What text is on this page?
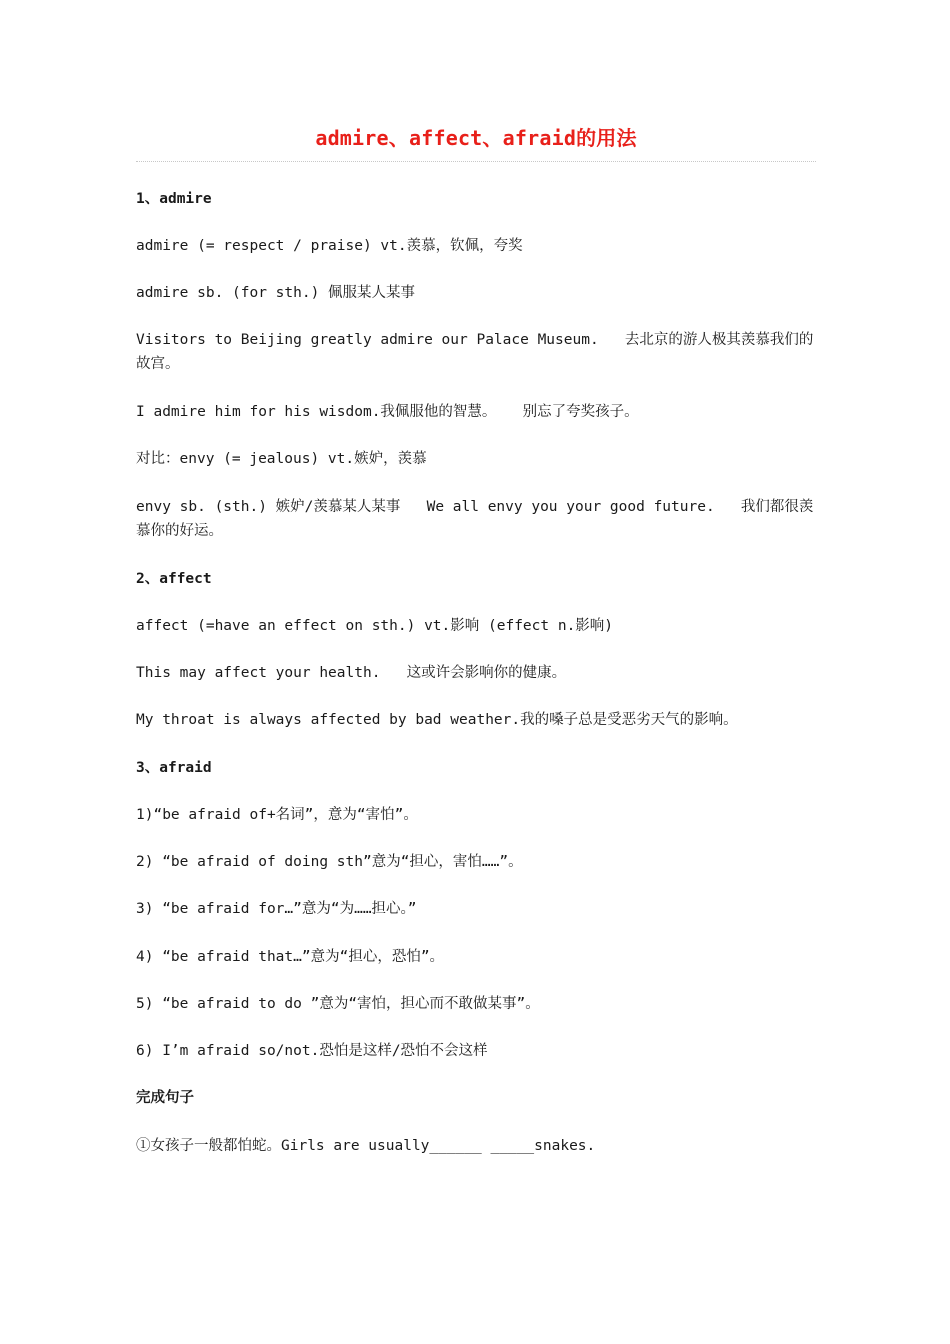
admire、affect、afraid的用法
1、admire
admire (= respect / praise) vt.羡慕，钦佩，夸奖
admire sb. (for sth.) 佩服某人某事
Visitors to Beijing greatly admire our Palace Museum.   去北京的游人极其羡慕我们的故宫。
I admire him for his wisdom.我佩服他的智慧。   别忘了夸奖孩子。
对比：envy (= jealous) vt.嫉妒，羡慕
envy sb. (sth.) 嫉妒/羡慕某人某事   We all envy you your good future.   我们都很羡慕你的好运。
2、affect
affect (=have an effect on sth.) vt.影响 (effect n.影响)
This may affect your health.   这或许会影响你的健康。
My throat is always affected by bad weather.我的嗓子总是受恶劣天气的影响。
3、afraid
1)“be afraid of+名词”，意为“害怕”。
2) “be afraid of doing sth”意为“担心，害怕……”。
3) “be afraid for…”意为“为……担心。”
4) “be afraid that…”意为“担心，恐怕”。
5) “be afraid to do ”意为“害怕，担心而不敢做某事”。
6) I’m afraid so/not.恐怕是这样/恐怕不会这样
完成句子
①女孩子一般都怕蛇。Girls are usually______ _____snakes.
